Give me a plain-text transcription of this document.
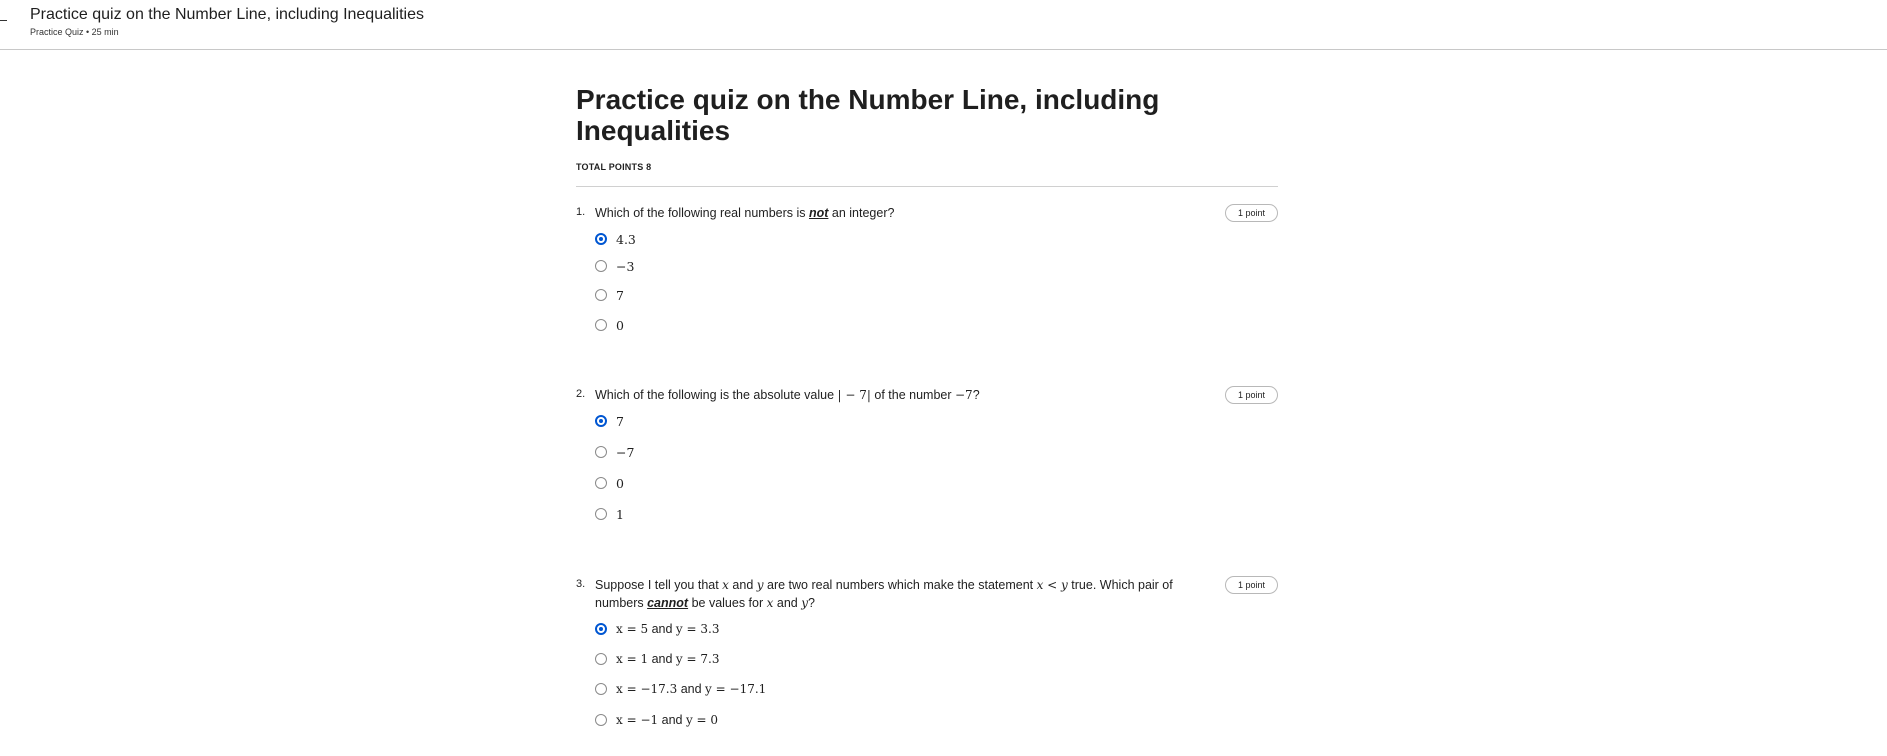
Practice quiz on the Number Line, including Inequalities
Practice Quiz • 25 min
Practice quiz on the Number Line, including Inequalities
TOTAL POINTS 8
1. Which of the following real numbers is not an integer?	1 point
4.3
−3
7
0
2. Which of the following is the absolute value | − 7| of the number −7?	1 point
7
−7
0
1
3. Suppose I tell you that x and y are two real numbers which make the statement x < y true. Which pair of numbers cannot be values for x and y?
1 point
x = 5 and y = 3.3
x = 1 and y = 7.3
x = −17.3 and y = −17.1
x = −1 and y = 0
